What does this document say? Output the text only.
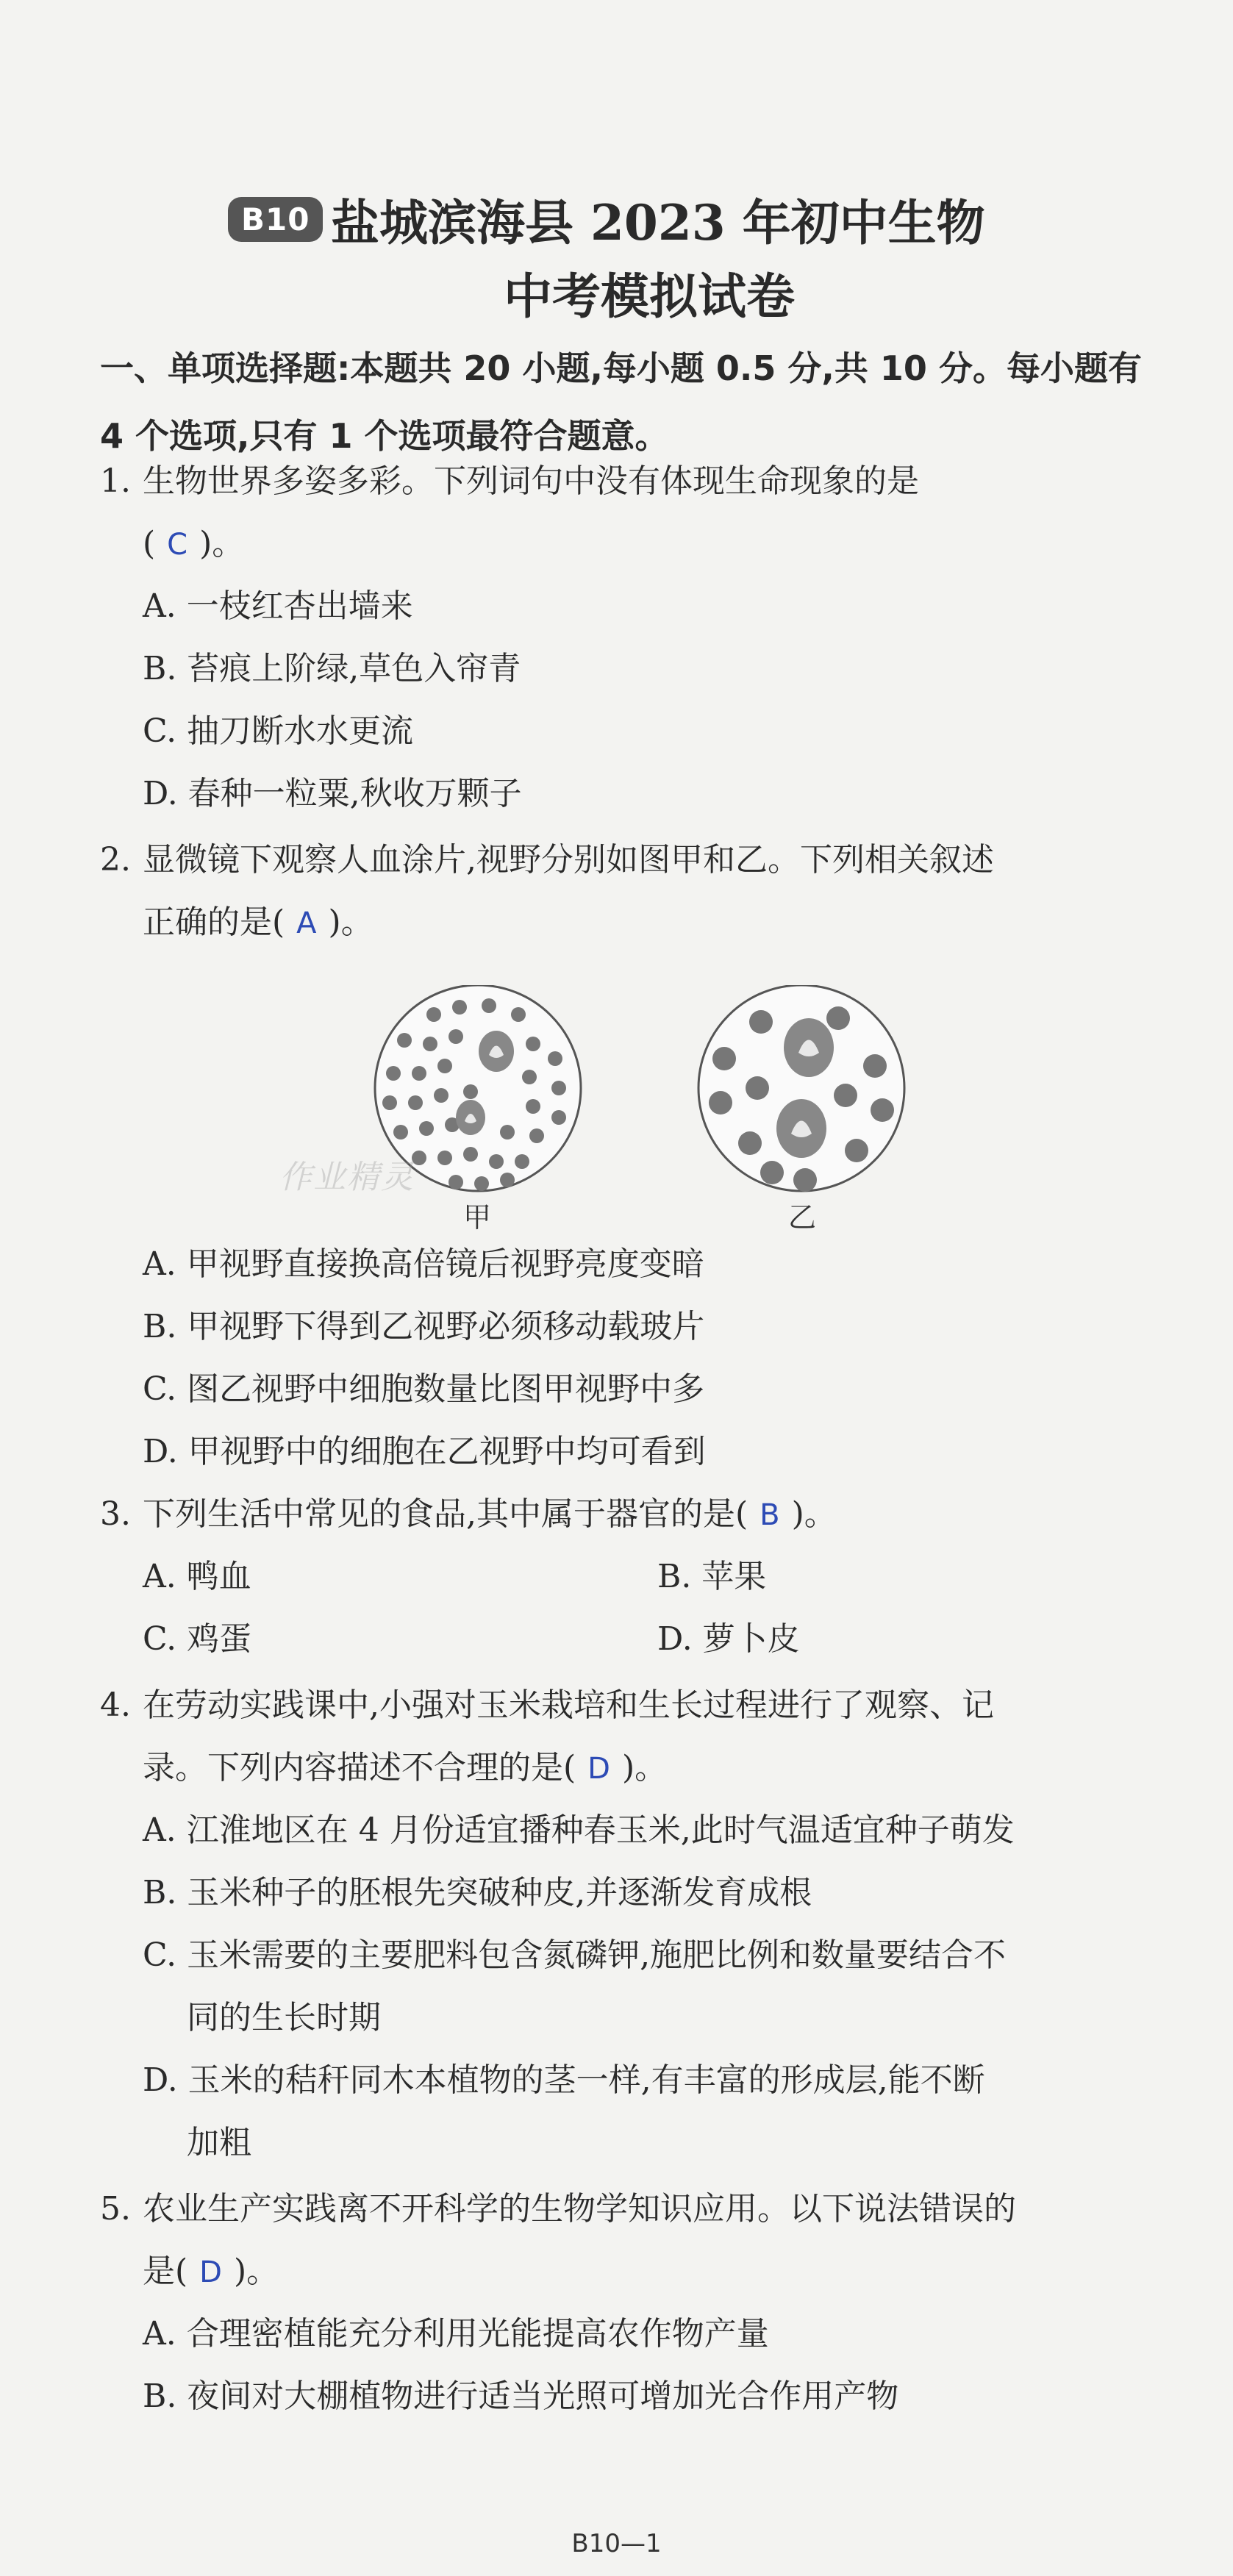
B10 盐城滨海县 2023 年初中生物
中考模拟试卷
一、单项选择题:本题共 20 小题,每小题 0.5 分,共 10 分。每小题有 4 个选项,只有 1 个选项最符合题意。
1. 生物世界多姿多彩。下列词句中没有体现生命现象的是
( C )。
A. 一枝红杏出墙来
B. 苔痕上阶绿,草色入帘青
C. 抽刀断水水更流
D. 春种一粒粟,秋收万颗子
2. 显微镜下观察人血涂片,视野分别如图甲和乙。下列相关叙述
正确的是( A )。
甲	乙
作业精灵
A. 甲视野直接换高倍镜后视野亮度变暗
B. 甲视野下得到乙视野必须移动载玻片
C. 图乙视野中细胞数量比图甲视野中多
D. 甲视野中的细胞在乙视野中均可看到
3. 下列生活中常见的食品,其中属于器官的是( B )。
A. 鸭血	B. 苹果
C. 鸡蛋	D. 萝卜皮
4. 在劳动实践课中,小强对玉米栽培和生长过程进行了观察、记
录。下列内容描述不合理的是( D )。
A. 江淮地区在 4 月份适宜播种春玉米,此时气温适宜种子萌发
B. 玉米种子的胚根先突破种皮,并逐渐发育成根
C. 玉米需要的主要肥料包含氮磷钾,施肥比例和数量要结合不
同的生长时期
D. 玉米的秸秆同木本植物的茎一样,有丰富的形成层,能不断
加粗
5. 农业生产实践离不开科学的生物学知识应用。以下说法错误的
是( D )。
A. 合理密植能充分利用光能提高农作物产量
B. 夜间对大棚植物进行适当光照可增加光合作用产物
B10—1
